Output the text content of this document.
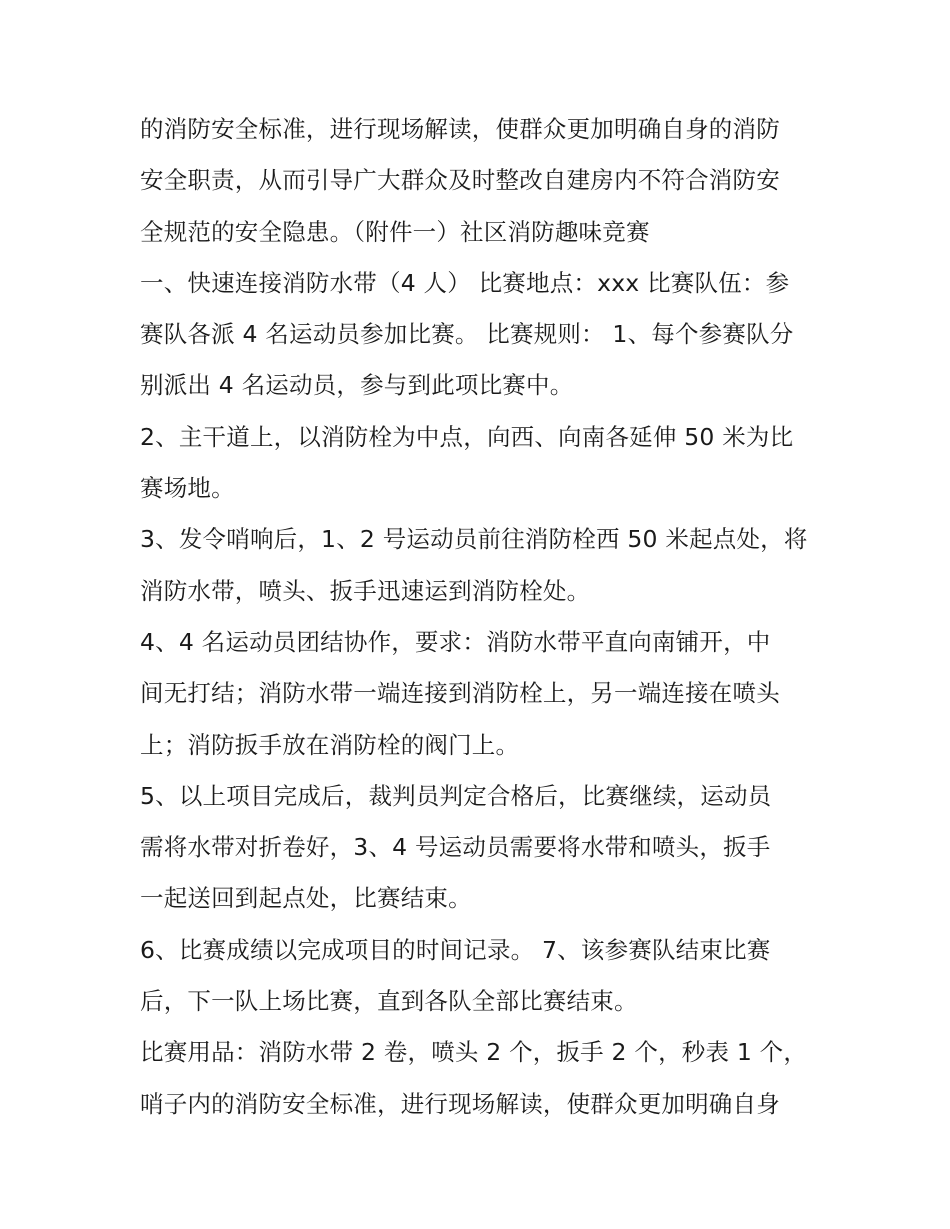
的消防安全标准，进行现场解读，使群众更加明确自身的消防
安全职责，从而引导广大群众及时整改自建房内不符合消防安
全规范的安全隐患。（附件一）社区消防趣味竞赛
一、快速连接消防水带（4 人） 比赛地点：xxx 比赛队伍：参
赛队各派 4 名运动员参加比赛。 比赛规则： 1、每个参赛队分
别派出 4 名运动员，参与到此项比赛中。
2、主干道上，以消防栓为中点，向西、向南各延伸 50 米为比
赛场地。
3、发令哨响后，1、2 号运动员前往消防栓西 50 米起点处，将
消防水带，喷头、扳手迅速运到消防栓处。
4、4 名运动员团结协作，要求：消防水带平直向南铺开，中
间无打结；消防水带一端连接到消防栓上，另一端连接在喷头
上；消防扳手放在消防栓的阀门上。
5、以上项目完成后，裁判员判定合格后，比赛继续，运动员
需将水带对折卷好，3、4 号运动员需要将水带和喷头，扳手
一起送回到起点处，比赛结束。
6、比赛成绩以完成项目的时间记录。 7、该参赛队结束比赛
后，下一队上场比赛，直到各队全部比赛结束。
比赛用品：消防水带 2 卷，喷头 2 个，扳手 2 个，秒表 1 个，
哨子内的消防安全标准，进行现场解读，使群众更加明确自身
